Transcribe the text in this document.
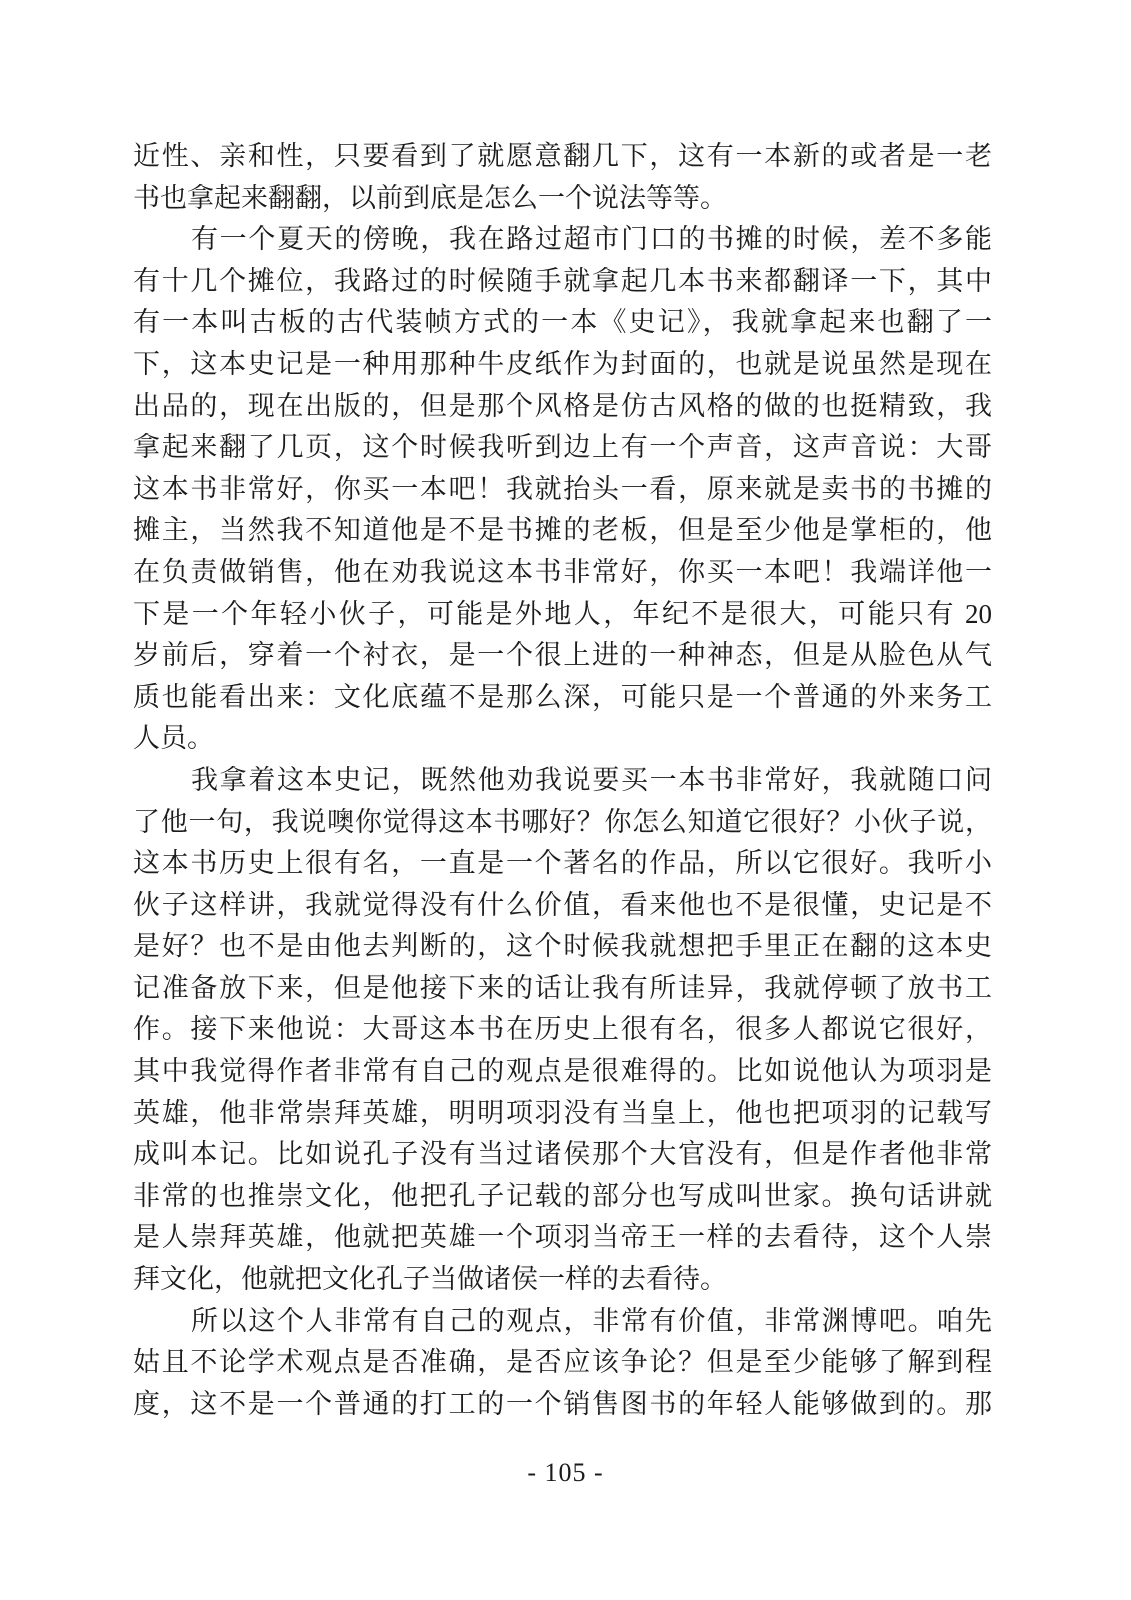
近性、亲和性，只要看到了就愿意翻几下，这有一本新的或者是一老
书也拿起来翻翻，以前到底是怎么一个说法等等。
有一个夏天的傍晚，我在路过超市门口的书摊的时候，差不多能
有十几个摊位，我路过的时候随手就拿起几本书来都翻译一下，其中
有一本叫古板的古代装帧方式的一本《史记》，我就拿起来也翻了一
下，这本史记是一种用那种牛皮纸作为封面的，也就是说虽然是现在
出品的，现在出版的，但是那个风格是仿古风格的做的也挺精致，我
拿起来翻了几页，这个时候我听到边上有一个声音，这声音说：大哥
这本书非常好，你买一本吧！我就抬头一看，原来就是卖书的书摊的
摊主，当然我不知道他是不是书摊的老板，但是至少他是掌柜的，他
在负责做销售，他在劝我说这本书非常好，你买一本吧！我端详他一
下是一个年轻小伙子，可能是外地人，年纪不是很大，可能只有 20
岁前后，穿着一个衬衣，是一个很上进的一种神态，但是从脸色从气
质也能看出来：文化底蕴不是那么深，可能只是一个普通的外来务工
人员。
我拿着这本史记，既然他劝我说要买一本书非常好，我就随口问
了他一句，我说噢你觉得这本书哪好？你怎么知道它很好？小伙子说，
这本书历史上很有名，一直是一个著名的作品，所以它很好。我听小
伙子这样讲，我就觉得没有什么价值，看来他也不是很懂，史记是不
是好？也不是由他去判断的，这个时候我就想把手里正在翻的这本史
记准备放下来，但是他接下来的话让我有所诖异，我就停顿了放书工
作。接下来他说：大哥这本书在历史上很有名，很多人都说它很好，
其中我觉得作者非常有自己的观点是很难得的。比如说他认为项羽是
英雄，他非常崇拜英雄，明明项羽没有当皇上，他也把项羽的记载写
成叫本记。比如说孔子没有当过诸侯那个大官没有，但是作者他非常
非常的也推崇文化，他把孔子记载的部分也写成叫世家。换句话讲就
是人崇拜英雄，他就把英雄一个项羽当帝王一样的去看待，这个人崇
拜文化，他就把文化孔子当做诸侯一样的去看待。
所以这个人非常有自己的观点，非常有价值，非常渊博吧。咱先
姑且不论学术观点是否准确，是否应该争论？但是至少能够了解到程
度，这不是一个普通的打工的一个销售图书的年轻人能够做到的。那
- 105 -
